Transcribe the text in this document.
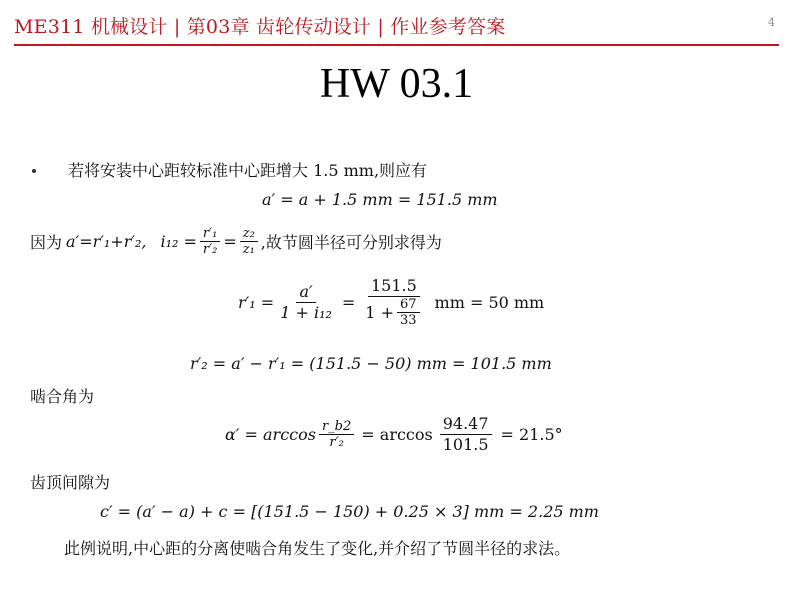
ME311 机械设计 | 第03章 齿轮传动设计 | 作业参考答案	4
HW 03.1
若将安装中心距较标准中心距增大 1.5 mm,则应有
a′ = a + 1.5 mm = 151.5 mm
因为 a′=r′₁+r′₂, $i_{12} = \frac{\text{r′₁}}{\text{r′₂}} = \frac{\text{z₂}}{\text{z₁}}$ ,故节圆半径可分别求得为
$r'_1 = \frac{a'}{\text{1 + i₁₂}} = \frac{151.5}{1 + \frac{67}{33}}$ mm = 50 mm
r′₂ = a′ − r′₁ = (151.5 − 50) mm = 101.5 mm
啮合角为
$\alpha' = \arccos \frac{r\_b2}{\text{r′₂}} = \arccos \frac{94.47}{101.5} = 21.5^\circ$
齿顶间隙为
c′ = (a′ − a) + c = [(151.5 − 150) + 0.25 × 3] mm = 2.25 mm
此例说明,中心距的分离使啮合角发生了变化,并介绍了节圆半径的求法。
